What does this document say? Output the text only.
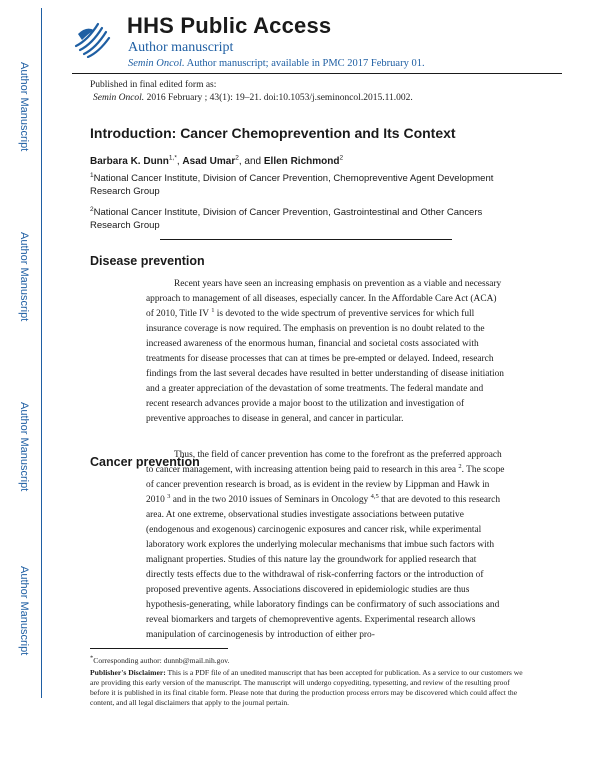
Author Manuscript
Author Manuscript
Author Manuscript
Author Manuscript
HHS Public Access
Author manuscript
Semin Oncol. Author manuscript; available in PMC 2017 February 01.
Published in final edited form as:
Semin Oncol. 2016 February ; 43(1): 19–21. doi:10.1053/j.seminoncol.2015.11.002.
Introduction: Cancer Chemoprevention and Its Context
Barbara K. Dunn$^{1,*}$, Asad Umar$^2$, and Ellen Richmond$^2$
$^1$National Cancer Institute, Division of Cancer Prevention, Chemopreventive Agent Development Research Group
$^2$National Cancer Institute, Division of Cancer Prevention, Gastrointestinal and Other Cancers Research Group
Disease prevention
Recent years have seen an increasing emphasis on prevention as a viable and necessary approach to management of all diseases, especially cancer. In the Affordable Care Act (ACA) of 2010, Title IV $^1$ is devoted to the wide spectrum of preventive services for which full insurance coverage is now required. The emphasis on prevention is no doubt related to the increased awareness of the enormous human, financial and societal costs associated with treatments for disease processes that can at times be pre-empted or delayed. Indeed, research findings from the last several decades have resulted in better understanding of disease initiation and a greater appreciation of the devastation of some treatments. The federal mandate and recent research advances provide a major boost to the utilization and investigation of preventive approaches to disease in general, and cancer in particular.
Cancer prevention
Thus, the field of cancer prevention has come to the forefront as the preferred approach to cancer management, with increasing attention being paid to research in this area $^2$. The scope of cancer prevention research is broad, as is evident in the review by Lippman and Hawk in 2010 $^3$ and in the two 2010 issues of Seminars in Oncology $^{4,5}$ that are devoted to this research area. At one extreme, observational studies investigate associations between putative (endogenous and exogenous) carcinogenic exposures and cancer risk, while experimental laboratory work explores the underlying molecular mechanisms that imbue such factors with malignant properties. Studies of this nature lay the groundwork for applied research that directly tests effects due to the withdrawal of risk-conferring factors or the introduction of proposed preventive agents. Associations discovered in epidemiologic studies are thus hypothesis-generating, while laboratory findings can be confirmatory of such associations and reveal biomarkers and targets of chemopreventive agents. Experimental research allows manipulation of carcinogenesis by introduction of either pro-
*Corresponding author: dunnb@mail.nih.gov.
Publisher's Disclaimer: This is a PDF file of an unedited manuscript that has been accepted for publication. As a service to our customers we are providing this early version of the manuscript. The manuscript will undergo copyediting, typesetting, and review of the resulting proof before it is published in its final citable form. Please note that during the production process errors may be discovered which could affect the content, and all legal disclaimers that apply to the journal pertain.
